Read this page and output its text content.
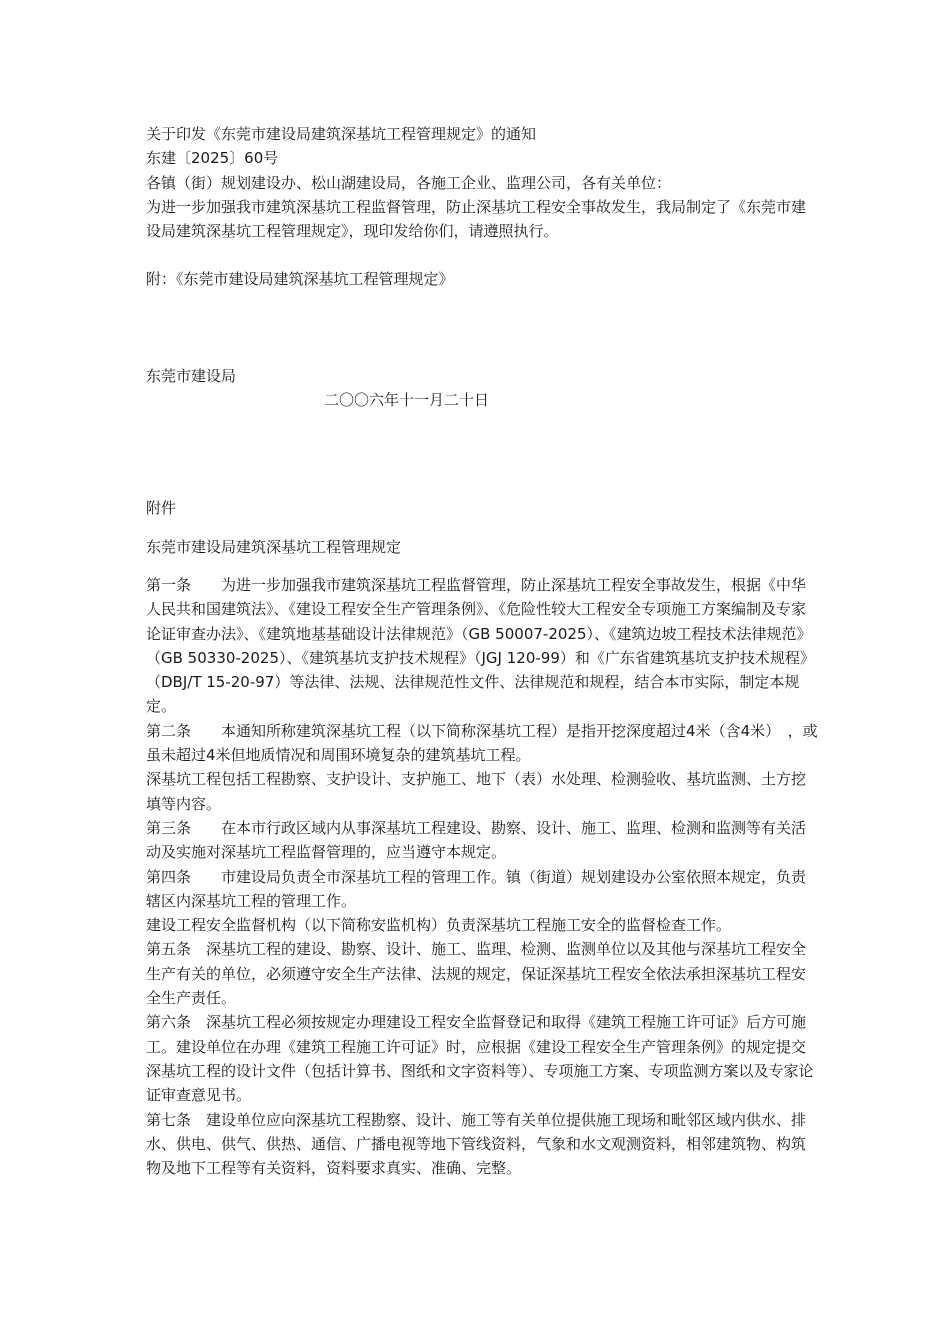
关于印发《东莞市建设局建筑深基坑工程管理规定》的通知
东建〔2025〕60号
各镇（街）规划建设办、松山湖建设局，各施工企业、监理公司，各有关单位：
为进一步加强我市建筑深基坑工程监督管理，防止深基坑工程安全事故发生，我局制定了《东莞市建设局建筑深基坑工程管理规定》，现印发给你们，请遵照执行。
附：《东莞市建设局建筑深基坑工程管理规定》
东莞市建设局
二〇〇六年十一月二十日
附件
东莞市建设局建筑深基坑工程管理规定

第一条　　为进一步加强我市建筑深基坑工程监督管理，防止深基坑工程安全事故发生，根据《中华人民共和国建筑法》、《建设工程安全生产管理条例》、《危险性较大工程安全专项施工方案编制及专家论证审查办法》、《建筑地基基础设计法律规范》（GB 50007-2025）、《建筑边坡工程技术法律规范》（GB 50330-2025）、《建筑基坑支护技术规程》（JGJ 120-99）和《广东省建筑基坑支护技术规程》（DBJ/T 15-20-97）等法律、法规、法律规范性文件、法律规范和规程，结合本市实际，制定本规定。

第二条　　本通知所称建筑深基坑工程（以下简称深基坑工程）是指开挖深度超过4米（含4米）　，或虽未超过4米但地质情况和周围环境复杂的建筑基坑工程。

深基坑工程包括工程勘察、支护设计、支护施工、地下（表）水处理、检测验收、基坑监测、土方挖填等内容。

第三条　　在本市行政区域内从事深基坑工程建设、勘察、设计、施工、监理、检测和监测等有关活动及实施对深基坑工程监督管理的，应当遵守本规定。

第四条　　市建设局负责全市深基坑工程的管理工作。镇（街道）规划建设办公室依照本规定，负责辖区内深基坑工程的管理工作。

建设工程安全监督机构（以下简称安监机构）负责深基坑工程施工安全的监督检查工作。

第五条　深基坑工程的建设、勘察、设计、施工、监理、检测、监测单位以及其他与深基坑工程安全生产有关的单位，必须遵守安全生产法律、法规的规定，保证深基坑工程安全依法承担深基坑工程安全生产责任。

第六条　深基坑工程必须按规定办理建设工程安全监督登记和取得《建筑工程施工许可证》后方可施工。建设单位在办理《建筑工程施工许可证》时，应根据《建设工程安全生产管理条例》的规定提交深基坑工程的设计文件（包括计算书、图纸和文字资料等）、专项施工方案、专项监测方案以及专家论证审查意见书。

第七条　建设单位应向深基坑工程勘察、设计、施工等有关单位提供施工现场和毗邻区域内供水、排水、供电、供气、供热、通信、广播电视等地下管线资料，气象和水文观测资料，相邻建筑物、构筑物及地下工程等有关资料，资料要求真实、准确、完整。
